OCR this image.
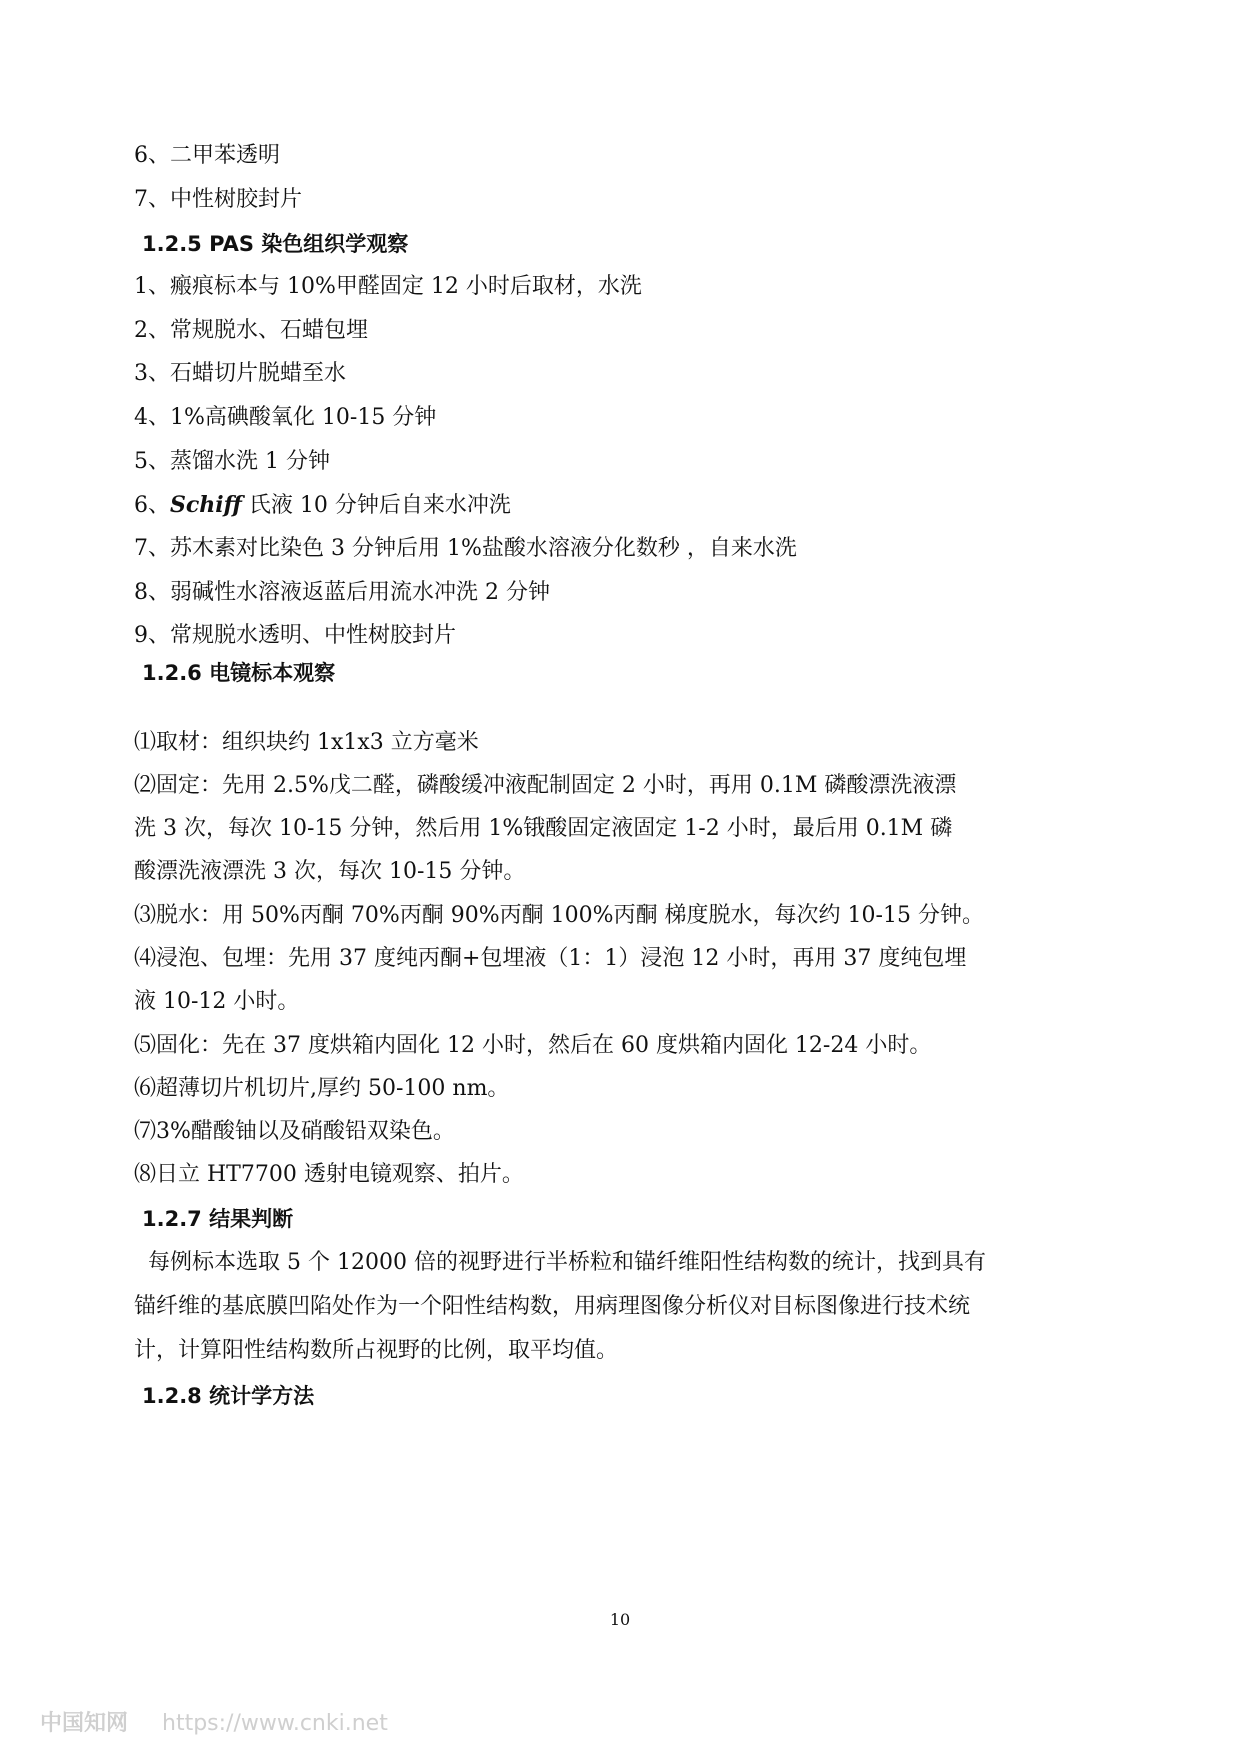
6、二甲苯透明
7、中性树胶封片
1.2.5 PAS 染色组织学观察
1、瘢痕标本与 10%甲醛固定 12 小时后取材，水洗
2、常规脱水、石蜡包埋
3、石蜡切片脱蜡至水
4、1%高碘酸氧化 10-15 分钟
5、蒸馏水洗 1 分钟
6、Schiff 氏液 10 分钟后自来水冲洗
7、苏木素对比染色 3 分钟后用 1%盐酸水溶液分化数秒 ，自来水洗
8、弱碱性水溶液返蓝后用流水冲洗 2 分钟
9、常规脱水透明、中性树胶封片
1.2.6 电镜标本观察
⑴取材：组织块约 1x1x3 立方毫米
⑵固定：先用 2.5%戊二醛，磷酸缓冲液配制固定 2 小时，再用 0.1M 磷酸漂洗液漂
洗 3 次，每次 10-15 分钟，然后用 1%锇酸固定液固定 1-2 小时，最后用 0.1M 磷
酸漂洗液漂洗 3 次，每次 10-15 分钟。
⑶脱水：用 50%丙酮 70%丙酮 90%丙酮 100%丙酮 梯度脱水，每次约 10-15 分钟。
⑷浸泡、包埋：先用 37 度纯丙酮+包埋液（1：1）浸泡 12 小时，再用 37 度纯包埋
液 10-12 小时。
⑸固化：先在 37 度烘箱内固化 12 小时，然后在 60 度烘箱内固化 12-24 小时。
⑹超薄切片机切片,厚约 50-100 nm。
⑺3%醋酸铀以及硝酸铅双染色。
⑻日立 HT7700 透射电镜观察、拍片。
1.2.7 结果判断
每例标本选取 5 个 12000 倍的视野进行半桥粒和锚纤维阳性结构数的统计，找到具有
锚纤维的基底膜凹陷处作为一个阳性结构数，用病理图像分析仪对目标图像进行技术统
计，计算阳性结构数所占视野的比例，取平均值。
1.2.8 统计学方法
10
中国知网 https://www.cnki.net
